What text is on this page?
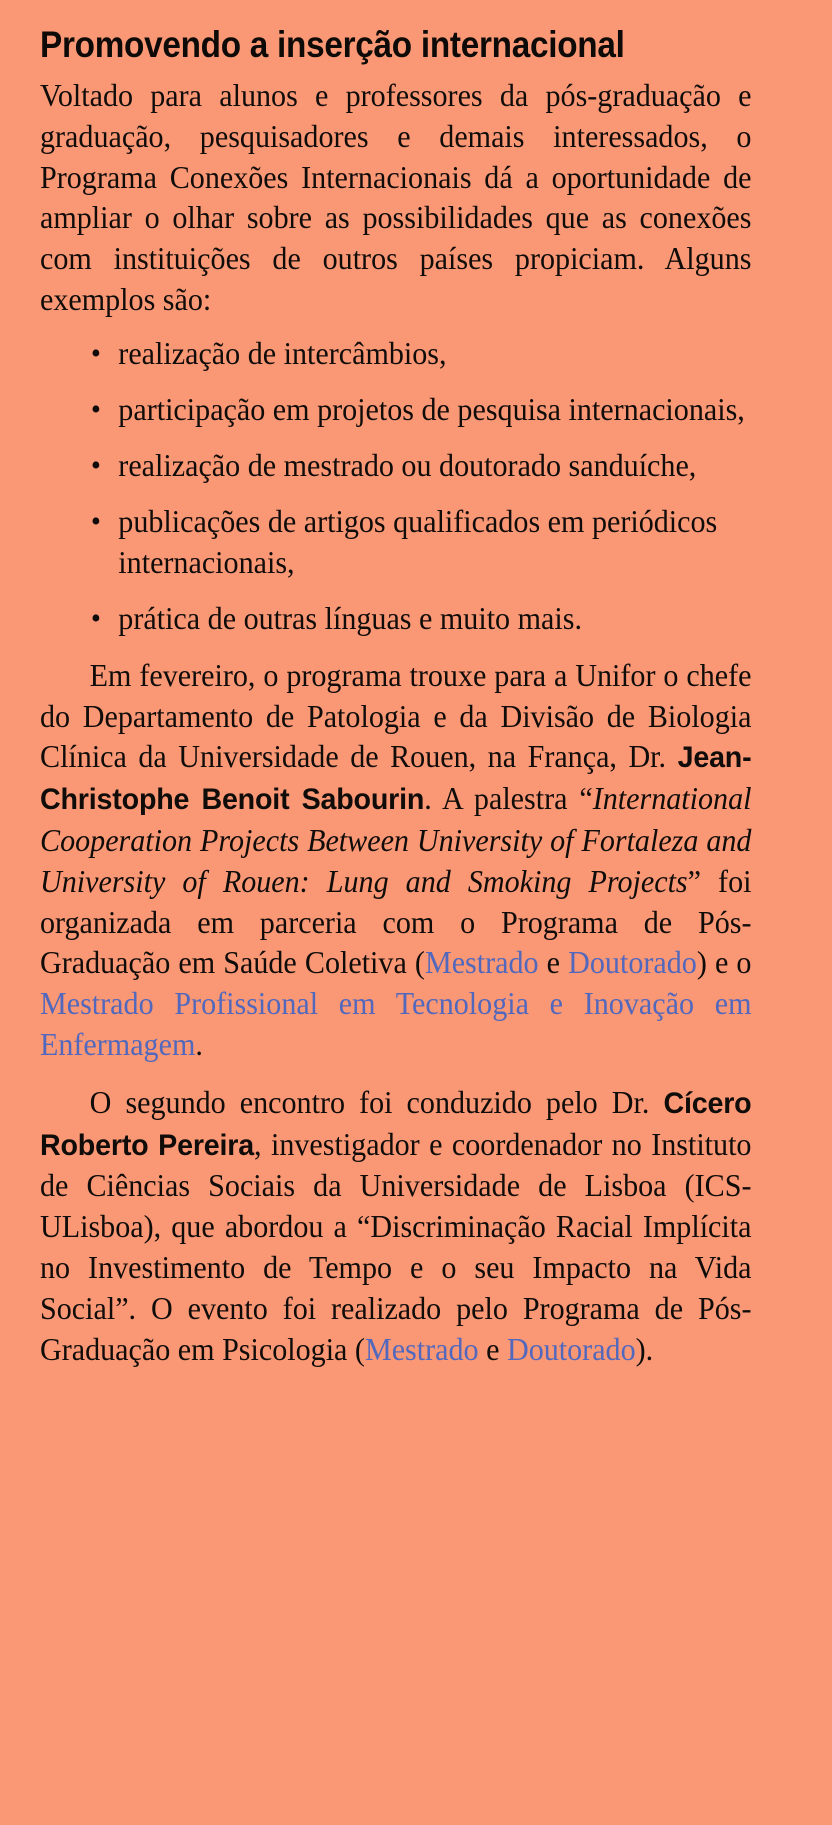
Promovendo a inserção internacional

Voltado para alunos e professores da pós-graduação e graduação, pesquisadores e demais interessados, o Programa Conexões Internacionais dá a oportunidade de ampliar o olhar sobre as possibilidades que as conexões com instituições de outros países propiciam. Alguns exemplos são:

• realização de intercâmbios,
• participação em projetos de pesquisa internacionais,
• realização de mestrado ou doutorado sanduíche,
• publicações de artigos qualificados em periódicos internacionais,
• prática de outras línguas e muito mais.

Em fevereiro, o programa trouxe para a Unifor o chefe do Departamento de Patologia e da Divisão de Biologia Clínica da Universidade de Rouen, na França, Dr. Jean-Christophe Benoit Sabourin. A palestra “International Cooperation Projects Between University of Fortaleza and University of Rouen: Lung and Smoking Projects” foi organizada em parceria com o Programa de Pós-Graduação em Saúde Coletiva (Mestrado e Doutorado) e o Mestrado Profissional em Tecnologia e Inovação em Enfermagem.

O segundo encontro foi conduzido pelo Dr. Cícero Roberto Pereira, investigador e coordenador no Instituto de Ciências Sociais da Universidade de Lisboa (ICS-ULisboa), que abordou a “Discriminação Racial Implícita no Investimento de Tempo e o seu Impacto na Vida Social”. O evento foi realizado pelo Programa de Pós-Graduação em Psicologia (Mestrado e Doutorado).
